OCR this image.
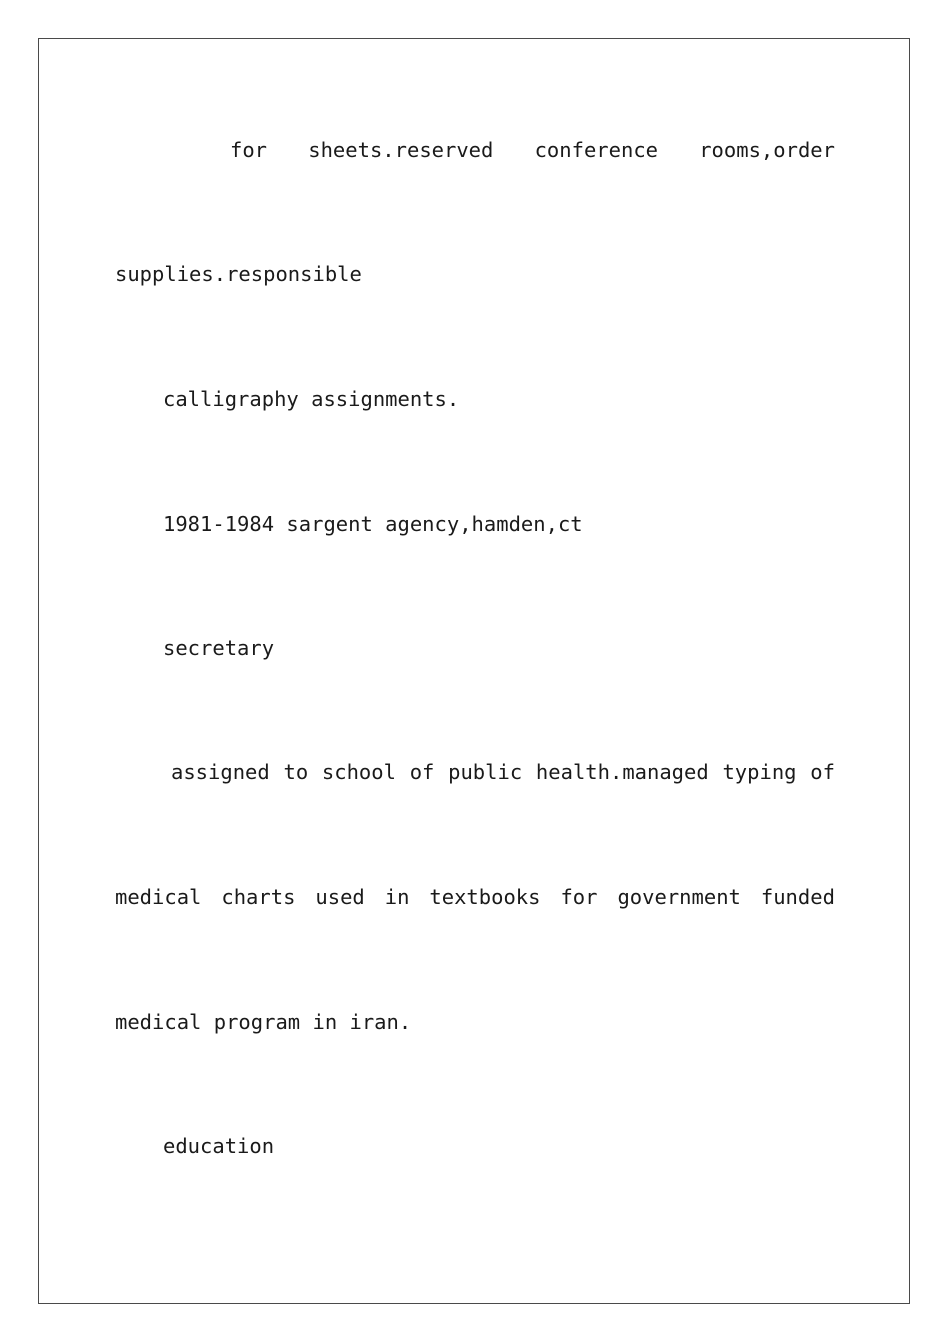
for sheets.reserved conference rooms,order

supplies.responsible

calligraphy assignments.

1981-1984 sargent agency,hamden,ct

secretary

assigned to school of public health.managed typing of
medical charts used in textbooks for government funded

medical program in iran.

education
